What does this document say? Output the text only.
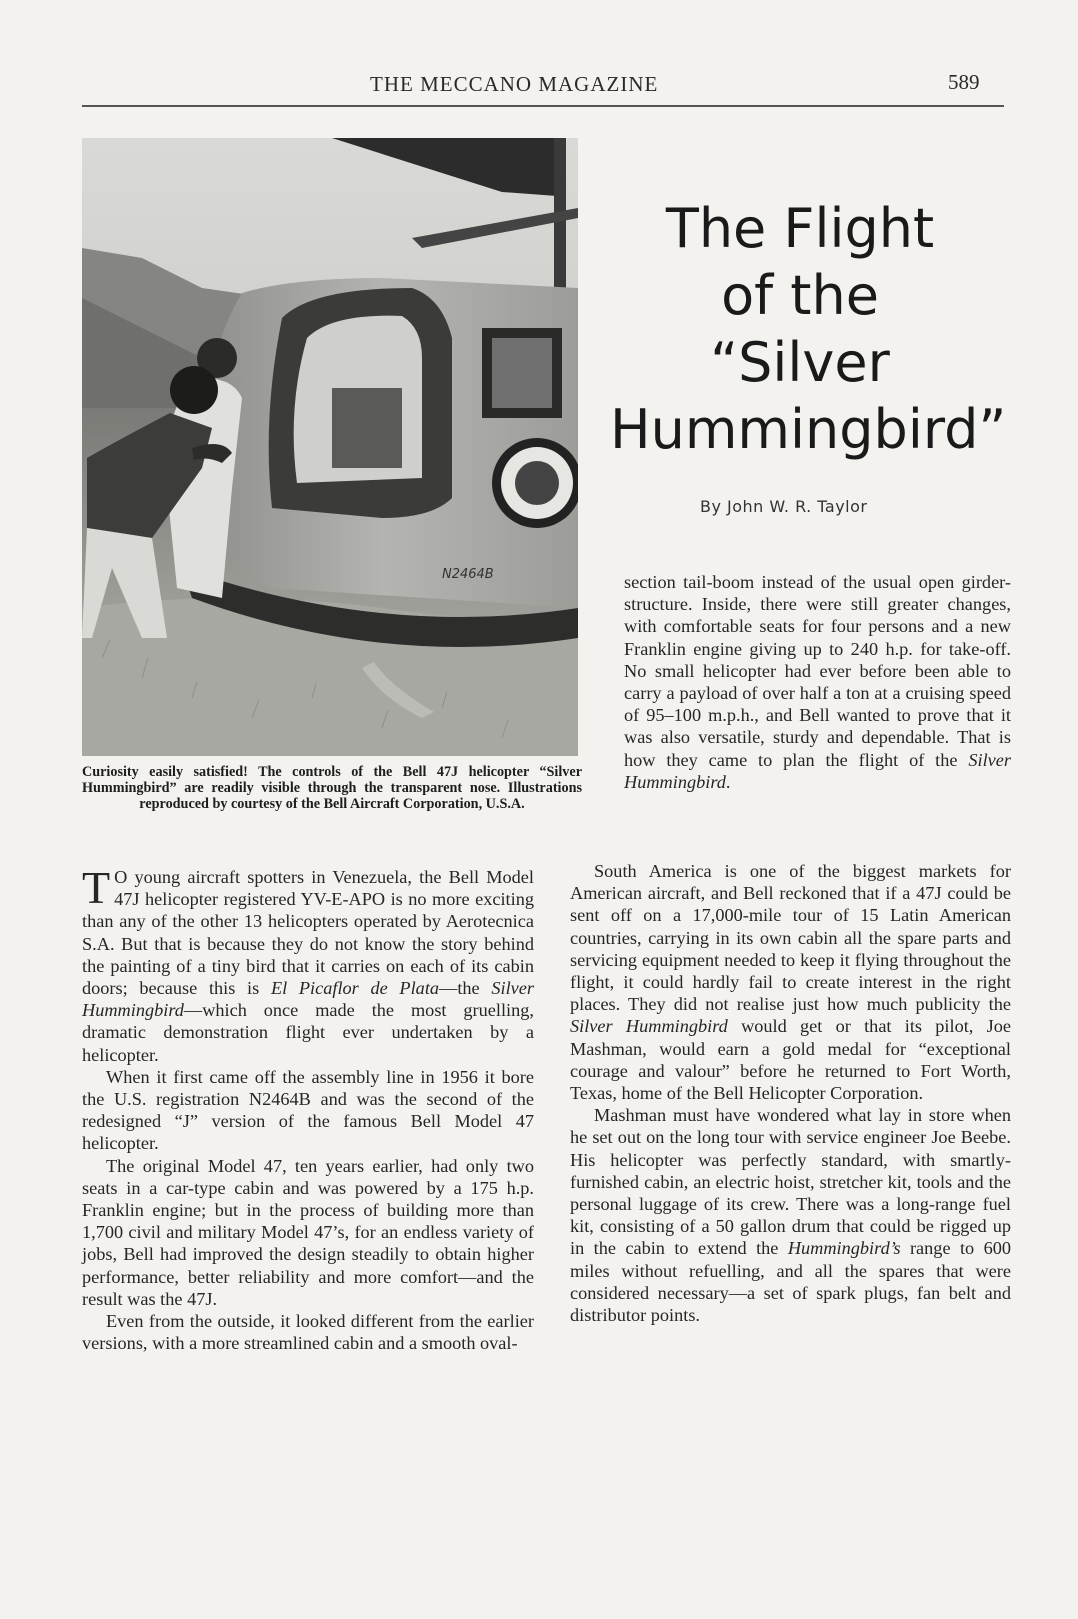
THE MECCANO MAGAZINE	589
N2464B
Curiosity easily satisfied! The controls of the Bell 47J helicopter “Silver Hummingbird” are readily visible through the transparent nose. Illustrations reproduced by courtesy of the Bell Aircraft Corporation, U.S.A.
The Flight
of the
“Silver
Hummingbird”
By John W. R. Taylor

section tail-boom instead of the usual open girder-structure. Inside, there were still greater changes, with comfortable seats for four persons and a new Franklin engine giving up to 240 h.p. for take-off. No small helicopter had ever before been able to carry a payload of over half a ton at a cruising speed of 95–100 m.p.h., and Bell wanted to prove that it was also versatile, sturdy and dependable. That is how they came to plan the flight of the Silver Hummingbird.

T O young aircraft spotters in Venezuela, the Bell Model 47J helicopter registered YV-E-APO is no more exciting than any of the other 13 helicopters operated by Aerotecnica S.A. But that is because they do not know the story behind the painting of a tiny bird that it carries on each of its cabin doors; because this is El Picaflor de Plata—the Silver Hummingbird—which once made the most gruelling, dramatic demonstration flight ever undertaken by a helicopter.

When it first came off the assembly line in 1956 it bore the U.S. registration N2464B and was the second of the redesigned “J” version of the famous Bell Model 47 helicopter.

The original Model 47, ten years earlier, had only two seats in a car-type cabin and was powered by a 175 h.p. Franklin engine; but in the process of building more than 1,700 civil and military Model 47’s, for an endless variety of jobs, Bell had improved the design steadily to obtain higher performance, better reliability and more comfort—and the result was the 47J.

Even from the outside, it looked different from the earlier versions, with a more streamlined cabin and a smooth oval-

South America is one of the biggest markets for American aircraft, and Bell reckoned that if a 47J could be sent off on a 17,000-mile tour of 15 Latin American countries, carrying in its own cabin all the spare parts and servicing equipment needed to keep it flying throughout the flight, it could hardly fail to create interest in the right places. They did not realise just how much publicity the Silver Hummingbird would get or that its pilot, Joe Mashman, would earn a gold medal for “exceptional courage and valour” before he returned to Fort Worth, Texas, home of the Bell Helicopter Corporation.

Mashman must have wondered what lay in store when he set out on the long tour with service engineer Joe Beebe. His helicopter was perfectly standard, with smartly-furnished cabin, an electric hoist, stretcher kit, tools and the personal luggage of its crew. There was a long-range fuel kit, consisting of a 50 gallon drum that could be rigged up in the cabin to extend the Hummingbird’s range to 600 miles without refuelling, and all the spares that were considered necessary—a set of spark plugs, fan belt and distributor points.
